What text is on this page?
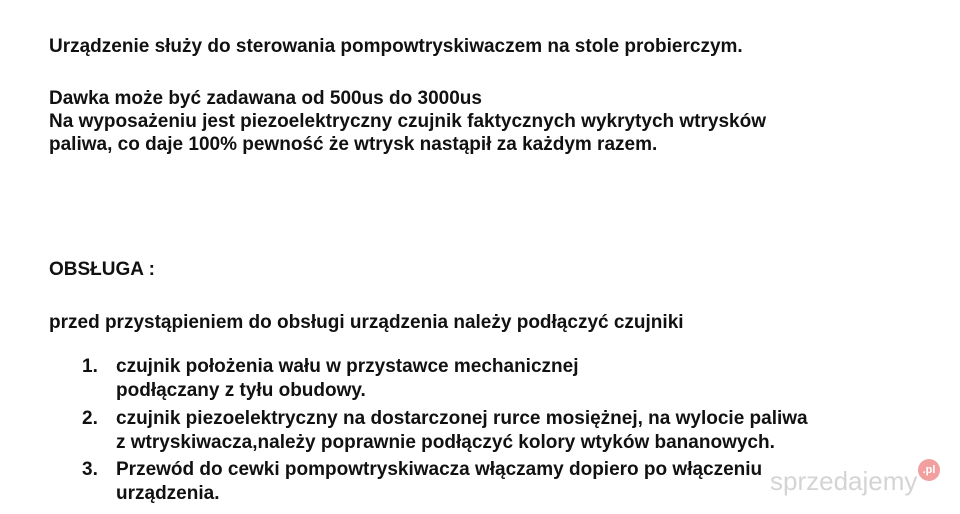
Urządzenie służy do sterowania pompowtryskiwaczem na stole probierczym.
Dawka może być zadawana od 500us do 3000us
Na wyposażeniu jest piezoelektryczny czujnik faktycznych wykrytych wtrysków
paliwa, co daje 100% pewność że wtrysk nastąpił za każdym razem.
OBSŁUGA :
przed przystąpieniem do obsługi urządzenia należy podłączyć czujniki
1. czujnik położenia wału w przystawce mechanicznej
podłączany z tyłu obudowy.
2. czujnik piezoelektryczny na dostarczonej rurce mosiężnej, na wylocie paliwa
z wtryskiwacza,należy poprawnie podłączyć kolory wtyków bananowych.
3. Przewód do cewki pompowtryskiwacza włączamy dopiero po włączeniu
urządzenia.	sprzedajemy .pl
